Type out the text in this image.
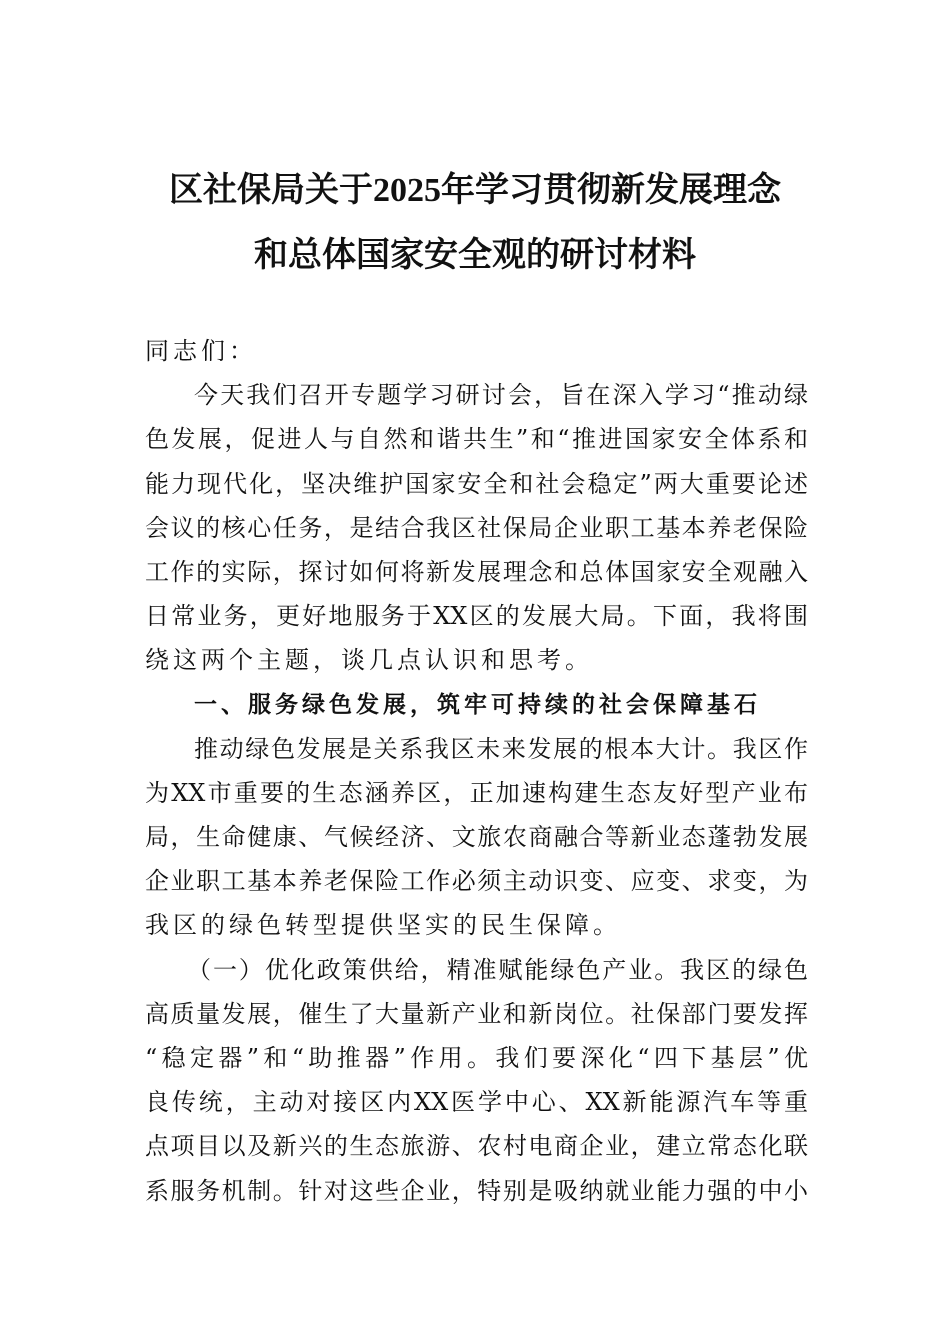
区社保局关于2025年学习贯彻新发展理念
和总体国家安全观的研讨材料
同志们：
今天我们召开专题学习研讨会，旨在深入学习“推动绿
色发展，促进人与自然和谐共生”和“推进国家安全体系和
能力现代化，坚决维护国家安全和社会稳定”两大重要论述
会议的核心任务，是结合我区社保局企业职工基本养老保险
工作的实际，探讨如何将新发展理念和总体国家安全观融入
日常业务，更好地服务于XX区的发展大局。下面，我将围
绕这两个主题，谈几点认识和思考。
一、服务绿色发展，筑牢可持续的社会保障基石
推动绿色发展是关系我区未来发展的根本大计。我区作
为XX市重要的生态涵养区，正加速构建生态友好型产业布
局，生命健康、气候经济、文旅农商融合等新业态蓬勃发展
企业职工基本养老保险工作必须主动识变、应变、求变，为
我区的绿色转型提供坚实的民生保障。
（一）优化政策供给，精准赋能绿色产业。我区的绿色
高质量发展，催生了大量新产业和新岗位。社保部门要发挥
“稳定器”和“助推器”作用。我们要深化“四下基层”优
良传统，主动对接区内XX医学中心、XX新能源汽车等重
点项目以及新兴的生态旅游、农村电商企业，建立常态化联
系服务机制。针对这些企业，特别是吸纳就业能力强的中小
